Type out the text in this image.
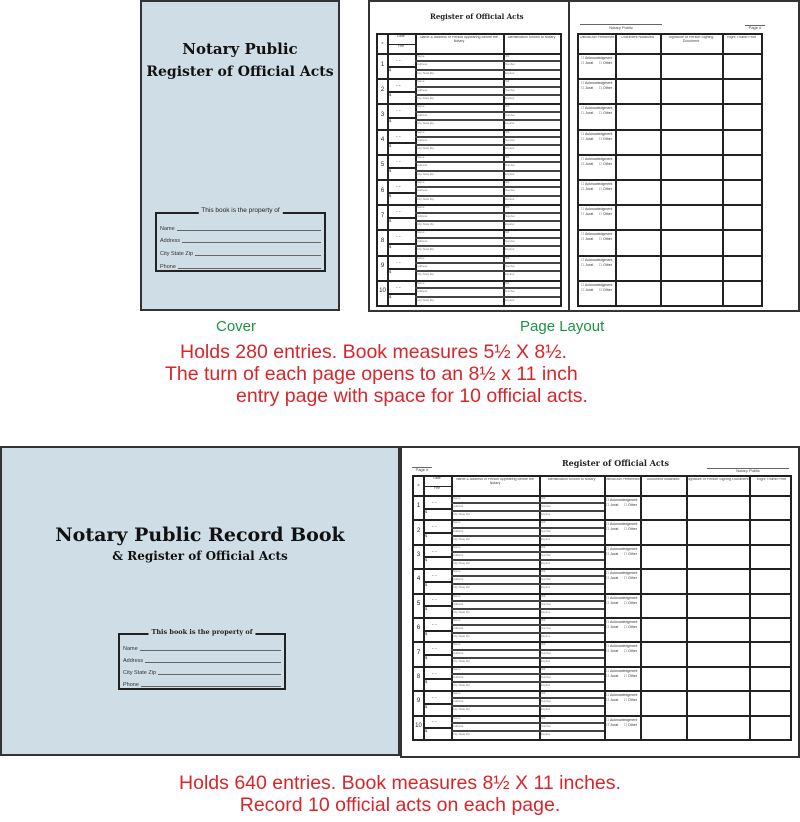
Notary Public
Register of Official Acts
This book is the property of
Name
Address
City State Zip
Phone
Register of Official Acts
#
Date
Fee
Name & Address of Person Appearing Before the Notary
Identification Shown to Notary
1
- -
$
Name	ID#
Address	Number
City State Zip	Expires
2
- -
$
Name	ID#
Address	Number
City State Zip	Expires
3
- -
$
Name	ID#
Address	Number
City State Zip	Expires
4
- -
$
Name	ID#
Address	Number
City State Zip	Expires
5
- -
$
Name	ID#
Address	Number
City State Zip	Expires
6
- -
$
Name	ID#
Address	Number
City State Zip	Expires
7
- -
$
Name	ID#
Address	Number
City State Zip	Expires
8
- -
$
Name	ID#
Address	Number
City State Zip	Expires
9
- -
$
Name	ID#
Address	Number
City State Zip	Expires
10
- -
$
Name	ID#
Address	Number
City State Zip	Expires
Notary Public	Page #
Official Act Performed	Document Notarized	Signature of Person Signing Document
Right Thumb Print
☐ Acknowledgment
☐ Jurat ☐ Other
☐ Acknowledgment
☐ Jurat ☐ Other
☐ Acknowledgment
☐ Jurat ☐ Other
☐ Acknowledgment
☐ Jurat ☐ Other
☐ Acknowledgment
☐ Jurat ☐ Other
☐ Acknowledgment
☐ Jurat ☐ Other
☐ Acknowledgment
☐ Jurat ☐ Other
☐ Acknowledgment
☐ Jurat ☐ Other
☐ Acknowledgment
☐ Jurat ☐ Other
☐ Acknowledgment
☐ Jurat ☐ Other
Cover	Page Layout
Holds 280 entries. Book measures 5½ X 8½.
The turn of each page opens to an 8½ x 11 inch
entry page with space for 10 official acts.
Notary Public Record Book
& Register of Official Acts
This book is the property of
Name
Address
City State Zip
Phone
Register of Official Acts
Page #	Notary Public
#
Date
Fee
Name & Address of Person Appearing Before the Notary
Identification Shown to Notary
1
- -
$
Name	ID#
Address	Number
City State Zip	Expires
2
- -
$
Name	ID#
Address	Number
City State Zip	Expires
3
- -
$
Name	ID#
Address	Number
City State Zip	Expires
4
- -
$
Name	ID#
Address	Number
City State Zip	Expires
5
- -
$
Name	ID#
Address	Number
City State Zip	Expires
6
- -
$
Name	ID#
Address	Number
City State Zip	Expires
7
- -
$
Name	ID#
Address	Number
City State Zip	Expires
8
- -
$
Name	ID#
Address	Number
City State Zip	Expires
9
- -
$
Name	ID#
Address	Number
City State Zip	Expires
10
- -
$
Name	ID#
Address	Number
City State Zip	Expires
Official Act Performed	Document Notarized	Signature of Person Signing Document	Right Thumb Print
☐ Acknowledgment
☐ Jurat ☐ Other
☐ Acknowledgment
☐ Jurat ☐ Other
☐ Acknowledgment
☐ Jurat ☐ Other
☐ Acknowledgment
☐ Jurat ☐ Other
☐ Acknowledgment
☐ Jurat ☐ Other
☐ Acknowledgment
☐ Jurat ☐ Other
☐ Acknowledgment
☐ Jurat ☐ Other
☐ Acknowledgment
☐ Jurat ☐ Other
☐ Acknowledgment
☐ Jurat ☐ Other
☐ Acknowledgment
☐ Jurat ☐ Other
Holds 640 entries. Book measures 8½ X 11 inches.
Record 10 official acts on each page.
